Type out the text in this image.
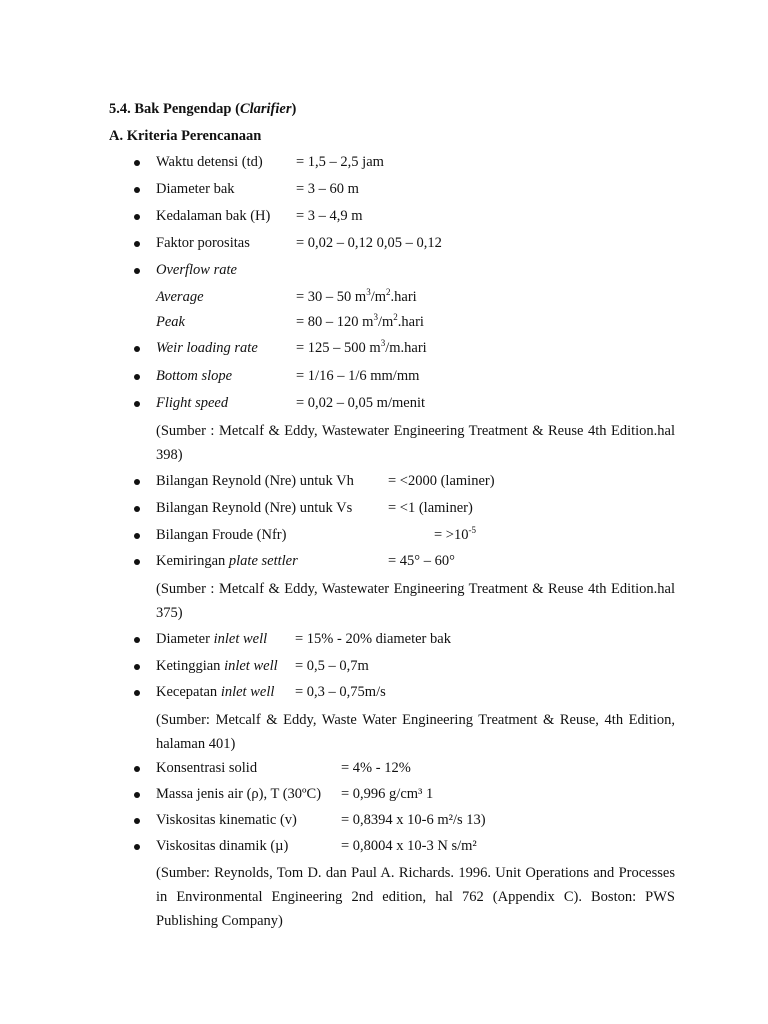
5.4. Bak Pengendap (Clarifier)
A. Kriteria Perencanaan
Waktu detensi (td) = 1,5 – 2,5 jam
Diameter bak	= 3 – 60 m
Kedalaman bak (H) = 3 – 4,9 m
Faktor porositas	= 0,02 – 0,12 0,05 – 0,12
Overflow rate
Average	= 30 – 50 $m^3/m^2.hari$
Peak	= 80 – 120 $m^3/m^2.hari$
Weir loading rate	= 125 – 500 $m^3/m.hari$
Bottom slope	= 1/16 – 1/6 mm/mm
Flight speed	= 0,02 – 0,05 m/menit
(Sumber : Metcalf & Eddy, Wastewater Engineering Treatment & Reuse 4th Edition.hal 398)
Bilangan Reynold (Nre) untuk Vh = <2000 (laminer)
Bilangan Reynold (Nre) untuk Vs = <1 (laminer)
Bilangan Froude (Nfr)	= $>10^{-5}$
Kemiringan plate settler	= 45° – 60°
(Sumber : Metcalf & Eddy, Wastewater Engineering Treatment & Reuse 4th Edition.hal 375)
Diameter inlet well = 15% - 20% diameter bak
Ketinggian inlet well = 0,5 – 0,7m
Kecepatan inlet well = 0,3 – 0,75m/s
(Sumber: Metcalf & Eddy, Waste Water Engineering Treatment & Reuse, 4th Edition, halaman 401)
Konsentrasi solid	= 4% - 12%
Massa jenis air (ρ), T (30ºC) = 0,996 g/cm³ 1
Viskositas kinematic (v)	= 0,8394 x 10-6 m²/s 13)
Viskositas dinamik (µ)	= 0,8004 x 10-3 N s/m²
(Sumber: Reynolds, Tom D. dan Paul A. Richards. 1996. Unit Operations and Processes in Environmental Engineering 2nd edition, hal 762 (Appendix C). Boston: PWS Publishing Company)
